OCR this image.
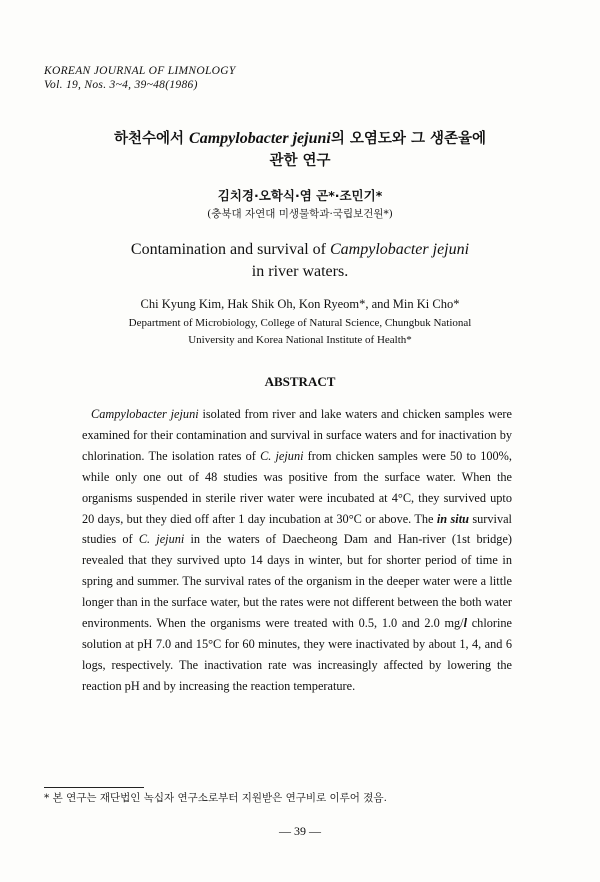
KOREAN JOURNAL OF LIMNOLOGY
Vol. 19, Nos. 3~4, 39~48(1986)
하천수에서 Campylobacter jejuni의 오염도와 그 생존율에
관한 연구
김치경·오학식·염 곤*·조민기*
(충북대 자연대 미생물학과·국립보건원*)
Contamination and survival of Campylobacter jejuni
in river waters.
Chi Kyung Kim, Hak Shik Oh, Kon Ryeom*, and Min Ki Cho*
Department of Microbiology, College of Natural Science, Chungbuk National
University and Korea National Institute of Health*
ABSTRACT

Campylobacter jejuni isolated from river and lake waters and chicken samples were examined for their contamination and survival in surface waters and for inactivation by chlorination. The isolation rates of C. jejuni from chicken samples were 50 to 100%, while only one out of 48 studies was positive from the surface water. When the organisms suspended in sterile river water were incubated at 4°C, they survived upto 20 days, but they died off after 1 day incubation at 30°C or above. The in situ survival studies of C. jejuni in the waters of Daecheong Dam and Han-river (1st bridge) revealed that they survived upto 14 days in winter, but for shorter period of time in spring and summer. The survival rates of the organism in the deeper water were a little longer than in the surface water, but the rates were not different between the both water environments. When the organisms were treated with 0.5, 1.0 and 2.0 mg/l chlorine solution at pH 7.0 and 15°C for 60 minutes, they were inactivated by about 1, 4, and 6 logs, respectively. The inactivation rate was increasingly affected by lowering the reaction pH and by increasing the reaction temperature.

* 본 연구는 재단법인 녹십자 연구소로부터 지원받은 연구비로 이루어 졌음.
— 39 —
